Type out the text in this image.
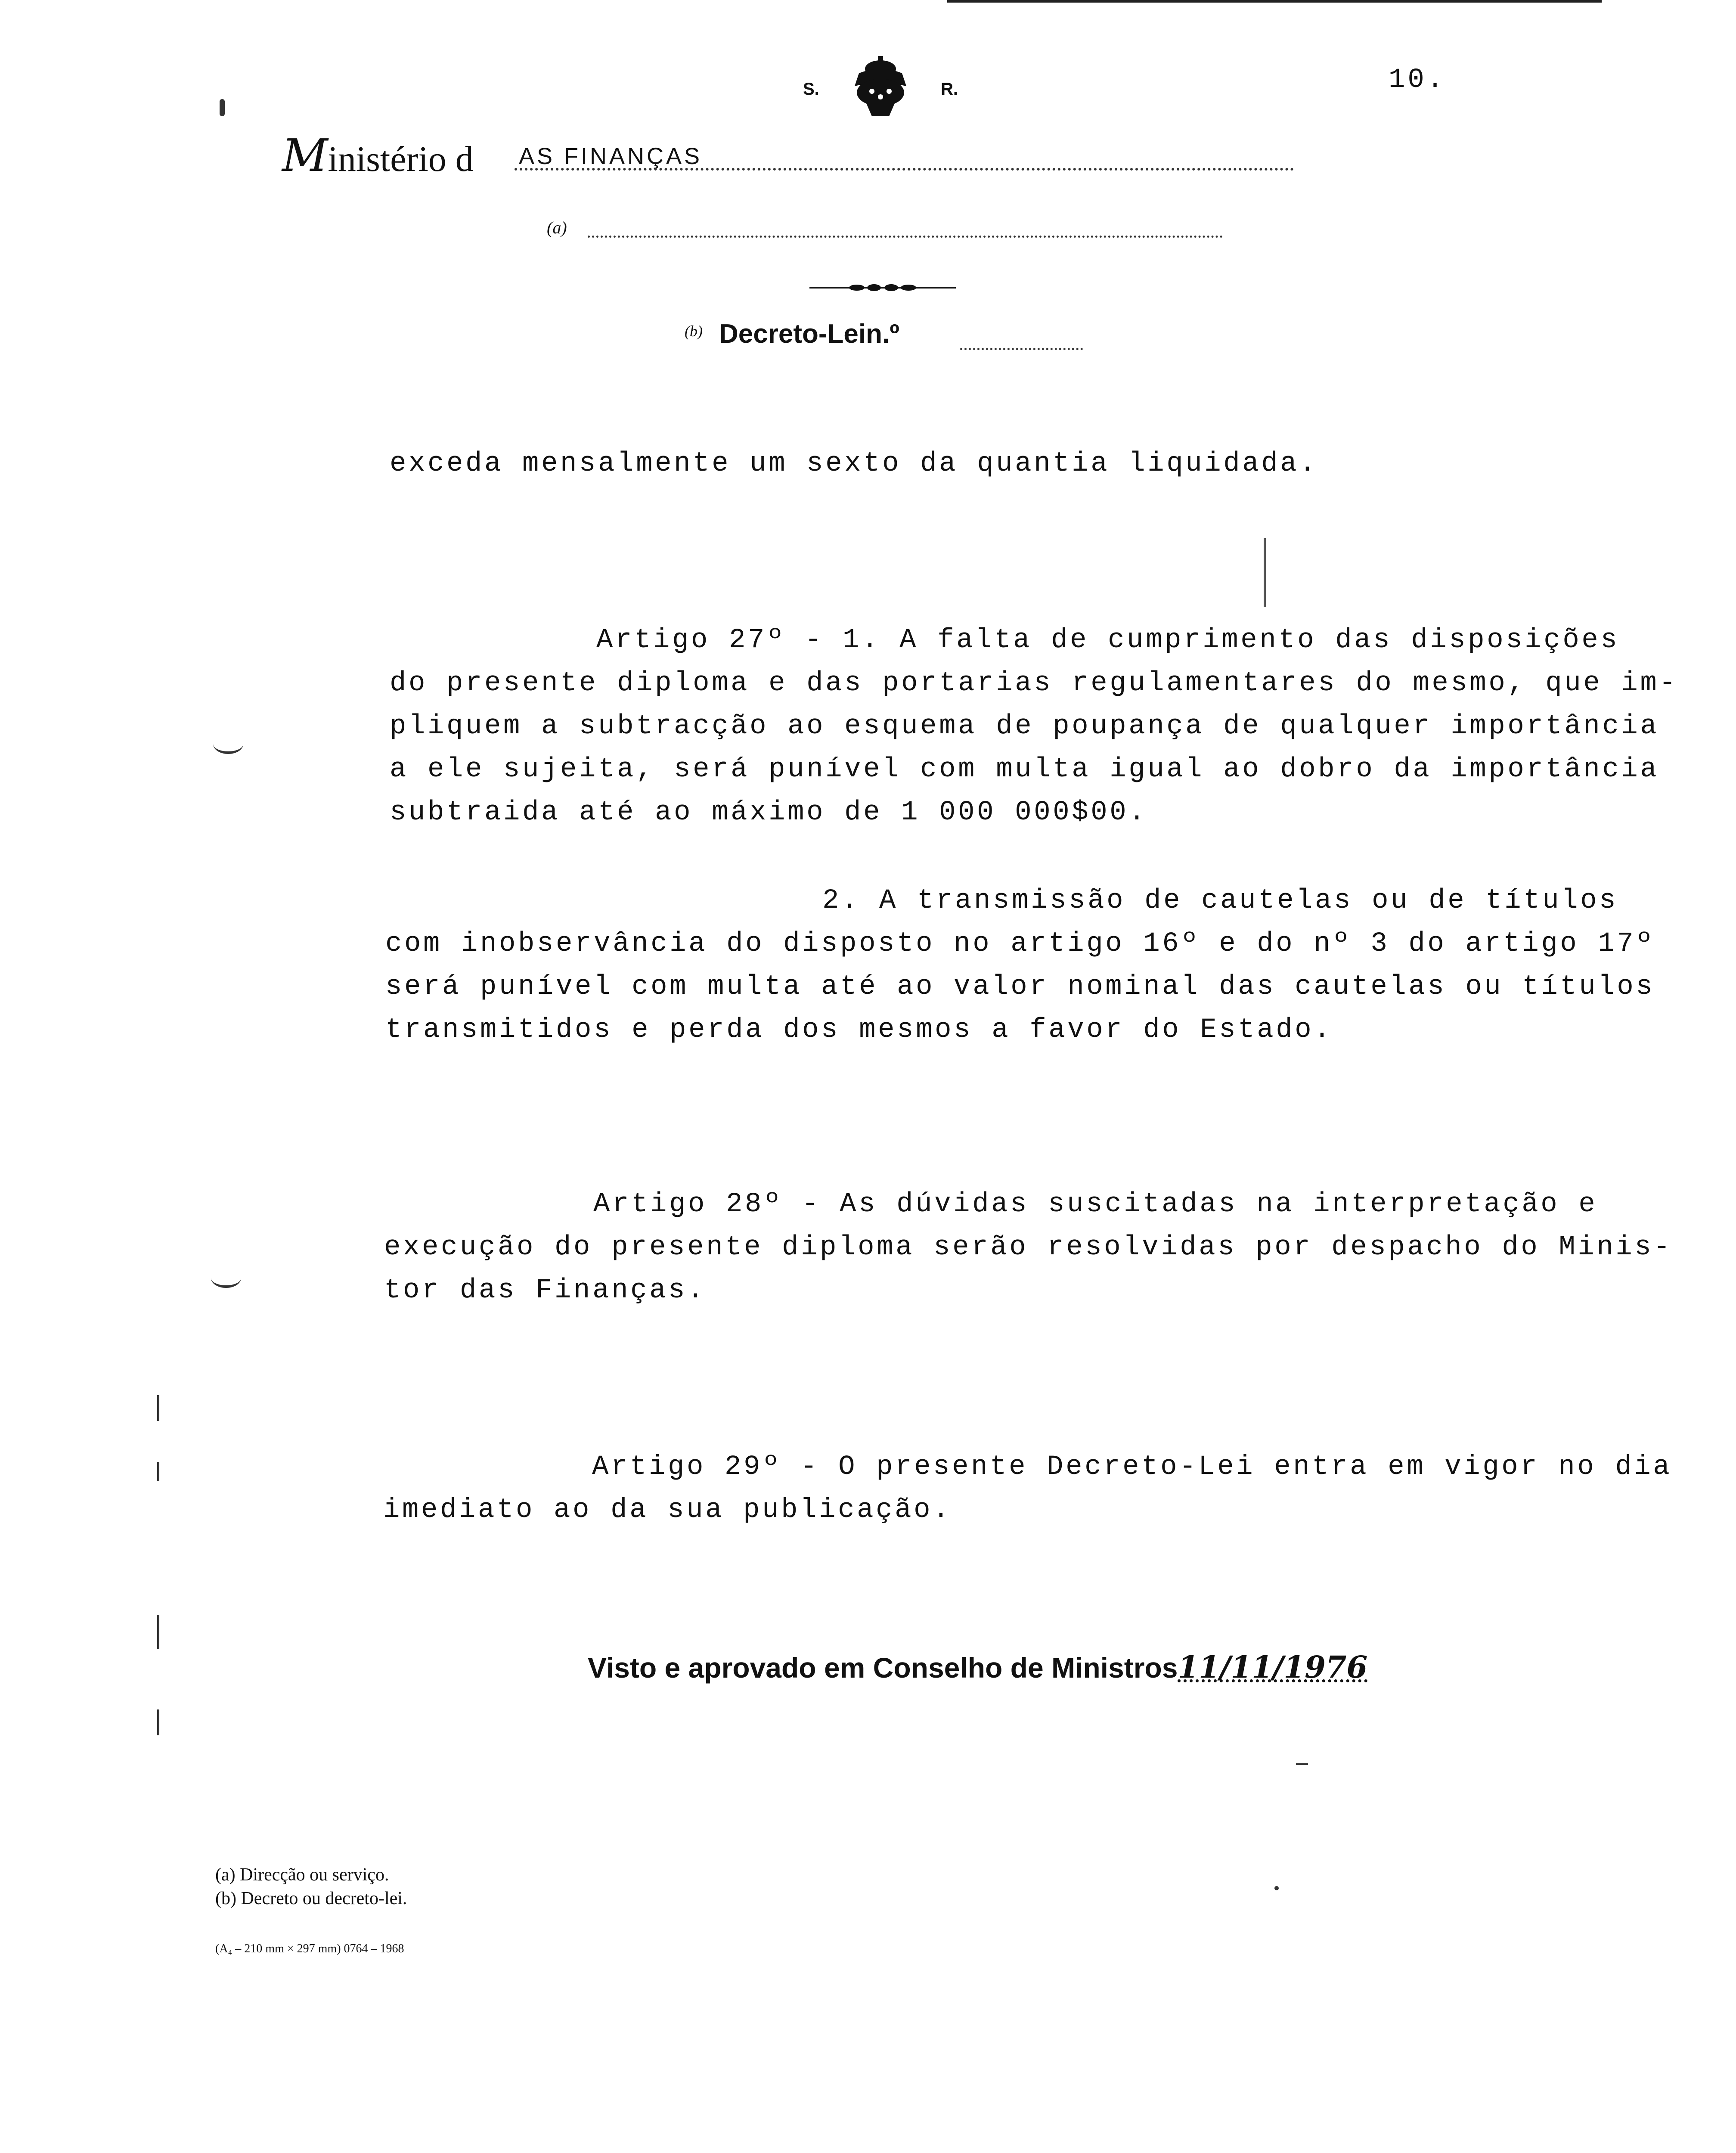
S.	R.	10.
Ministério d AS FINANÇAS
(a)
(b) Decreto-Lein.º
exceda mensalmente um sexto da quantia liquidada.
Artigo 27º - 1. A falta de cumprimento das disposições
do presente diploma e das portarias regulamentares do mesmo, que im-
pliquem a subtracção ao esquema de poupança de qualquer importância
a ele sujeita, será punível com multa igual ao dobro da importância
subtraida até ao máximo de 1 000 000$00.
2. A transmissão de cautelas ou de títulos
com inobservância do disposto no artigo 16º e do nº 3 do artigo 17º
será punível com multa até ao valor nominal das cautelas ou títulos
transmitidos e perda dos mesmos a favor do Estado.
Artigo 28º - As dúvidas suscitadas na interpretação e
execução do presente diploma serão resolvidas por despacho do Minis-
tor das Finanças.
Artigo 29º - O presente Decreto-Lei entra em vigor no dia
imediato ao da sua publicação.
Visto e aprovado em Conselho de Ministros11/11/1976
(a) Direcção ou serviço.
(b) Decreto ou decreto-lei.
(A₄ – 210 mm × 297 mm) 0764 – 1968
